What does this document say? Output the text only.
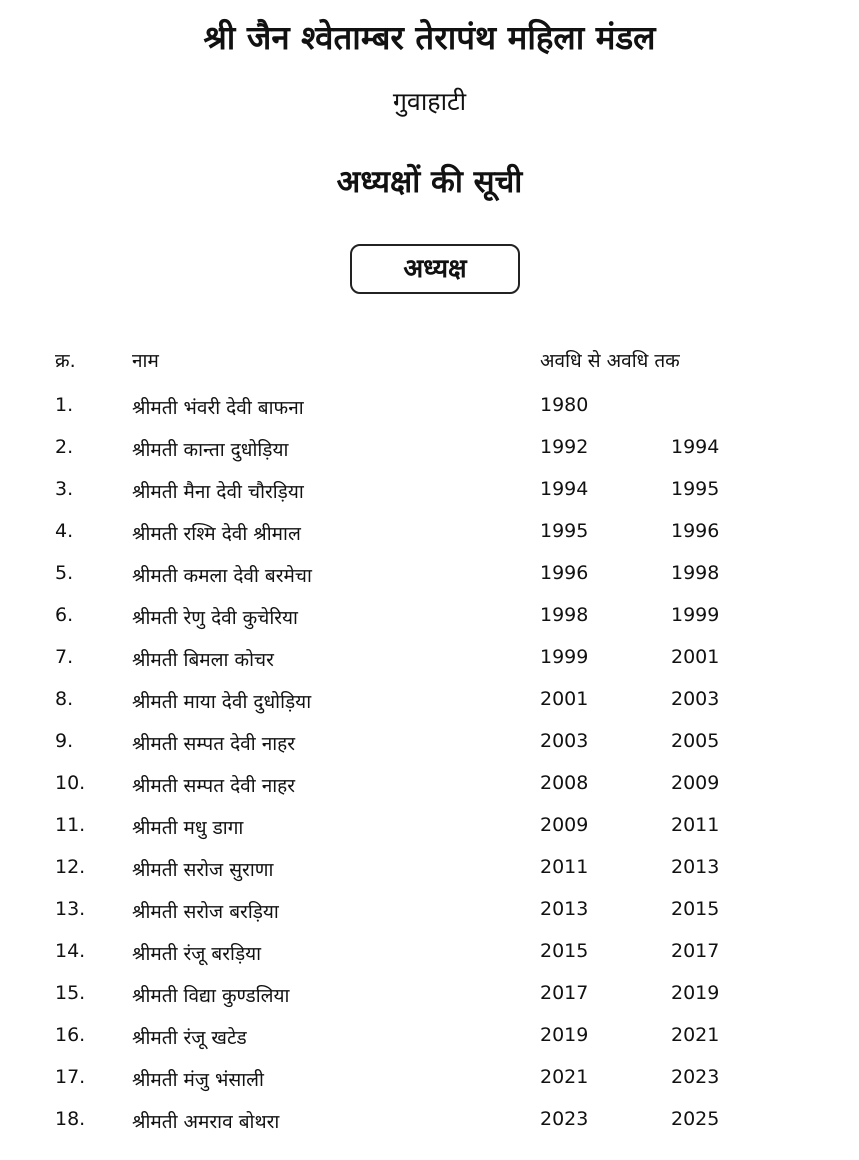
श्री जैन श्वेताम्बर तेरापंथ महिला मंडल
गुवाहाटी
अध्यक्षों की सूची
अध्यक्ष
क्र.	नाम	अवधि से अवधि तक
1.	श्रीमती भंवरी देवी बाफना	1980
2.	श्रीमती कान्ता दुधोड़िया	1992	1994
3.	श्रीमती मैना देवी चौरड़िया	1994	1995
4.	श्रीमती रश्मि देवी श्रीमाल	1995	1996
5.	श्रीमती कमला देवी बरमेचा	1996	1998
6.	श्रीमती रेणु देवी कुचेरिया	1998	1999
7.	श्रीमती बिमला कोचर	1999	2001
8.	श्रीमती माया देवी दुधोड़िया	2001	2003
9.	श्रीमती सम्पत देवी नाहर	2003	2005
10. श्रीमती सम्पत देवी नाहर	2008	2009
11. श्रीमती मधु डागा	2009	2011
12. श्रीमती सरोज सुराणा	2011	2013
13. श्रीमती सरोज बरड़िया	2013	2015
14. श्रीमती रंजू बरड़िया	2015	2017
15. श्रीमती विद्या कुण्डलिया	2017	2019
16. श्रीमती रंजू खटेड	2019	2021
17. श्रीमती मंजु भंसाली	2021	2023
18. श्रीमती अमराव बोथरा	2023	2025
